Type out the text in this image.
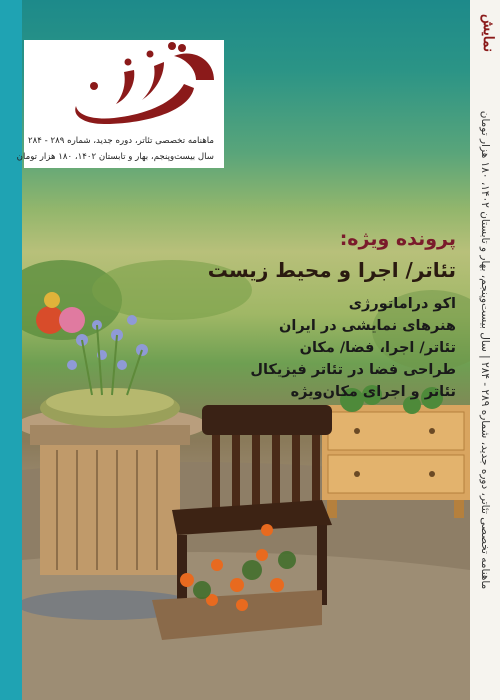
ماهنامه تخصصی تئاتر، دوره جدید، شماره ۲۸۹ - ۲۸۴
سال بیست‌وپنجم، بهار و تابستان ۱۴۰۲، ۱۸۰ هزار تومان
پرونده ویژه:
تئاتر/ اجرا و محیط زیست
اکو دراماتورژی
هنرهای نمایشی در ایران
تئاتر/ اجرا، فضا/ مکان
طراحی فضا در تئاتر فیزیکال
تئاتر و اجرای مکان‌ویژه
نمایش
ماهنامه تخصصی تئاتر، دوره جدید، شماره ۲۸۹ - ۲۸۴ | سال بیست‌وپنجم، بهار و تابستان ۱۴۰۲، ۱۸۰ هزار تومان
